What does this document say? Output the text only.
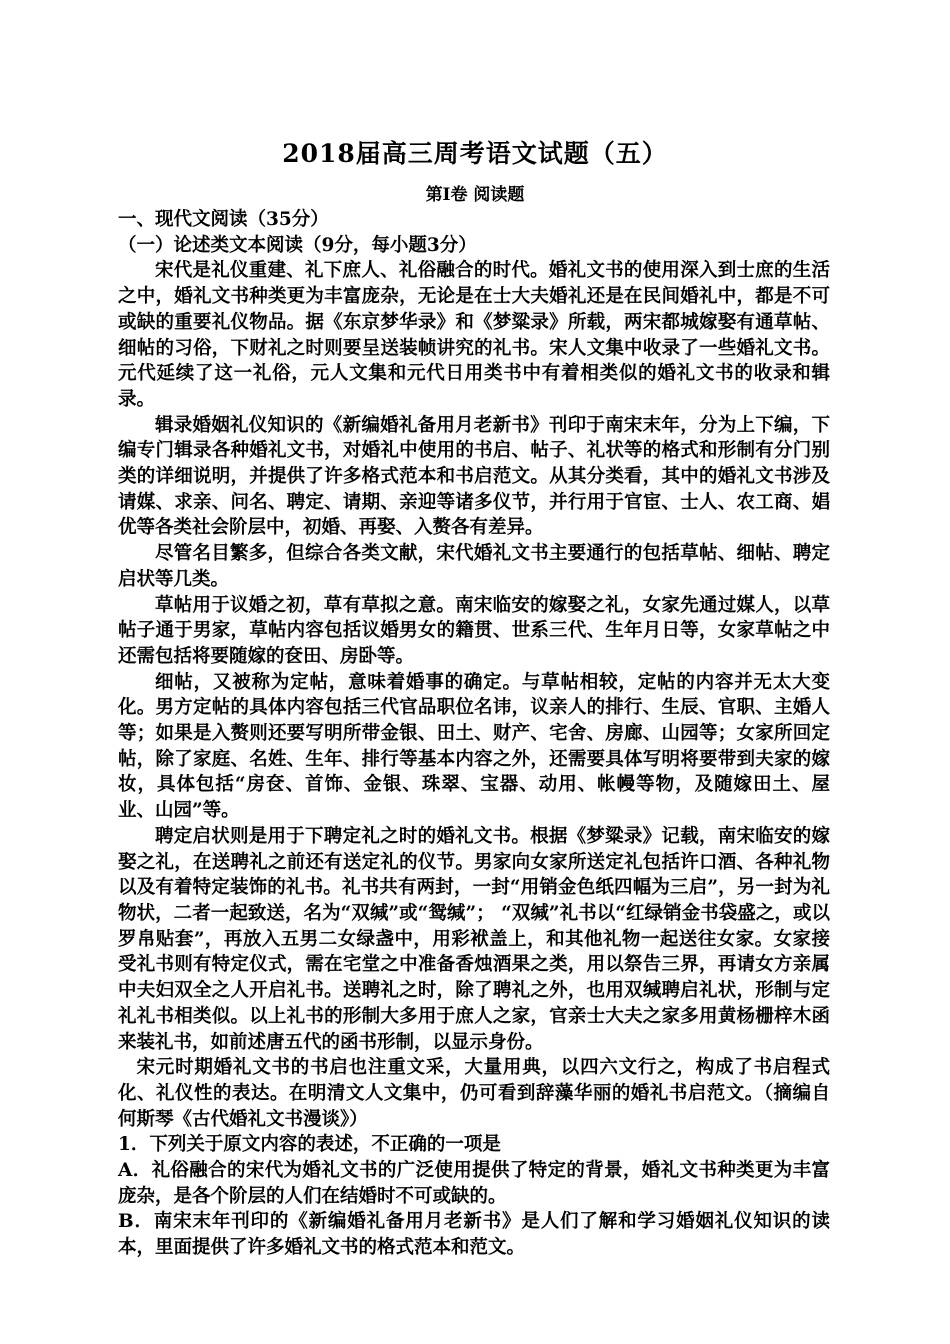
2018届高三周考语文试题（五）
第Ⅰ卷 阅读题

一、现代文阅读（35分）

（一）论述类文本阅读（9分，每小题3分）

宋代是礼仪重建、礼下庶人、礼俗融合的时代。婚礼文书的使用深入到士庶的生活之中，婚礼文书种类更为丰富庞杂，无论是在士大夫婚礼还是在民间婚礼中，都是不可或缺的重要礼仪物品。据《东京梦华录》和《梦粱录》所载，两宋都城嫁娶有通草帖、细帖的习俗，下财礼之时则要呈送装帧讲究的礼书。宋人文集中收录了一些婚礼文书。元代延续了这一礼俗，元人文集和元代日用类书中有着相类似的婚礼文书的收录和辑录。

辑录婚姻礼仪知识的《新编婚礼备用月老新书》刊印于南宋末年，分为上下编，下编专门辑录各种婚礼文书，对婚礼中使用的书启、帖子、礼状等的格式和形制有分门别类的详细说明，并提供了许多格式范本和书启范文。从其分类看，其中的婚礼文书涉及请媒、求亲、问名、聘定、请期、亲迎等诸多仪节，并行用于官宦、士人、农工商、娼优等各类社会阶层中，初婚、再娶、入赘各有差异。

尽管名目繁多，但综合各类文献，宋代婚礼文书主要通行的包括草帖、细帖、聘定启状等几类。

草帖用于议婚之初，草有草拟之意。南宋临安的嫁娶之礼，女家先通过媒人，以草帖子通于男家，草帖内容包括议婚男女的籍贯、世系三代、生年月日等，女家草帖之中还需包括将要随嫁的奁田、房卧等。

细帖，又被称为定帖，意味着婚事的确定。与草帖相较，定帖的内容并无太大变化。男方定帖的具体内容包括三代官品职位名讳，议亲人的排行、生辰、官职、主婚人等；如果是入赘则还要写明所带金银、田土、财产、宅舍、房廊、山园等；女家所回定帖，除了家庭、名姓、生年、排行等基本内容之外，还需要具体写明将要带到夫家的嫁妆，具体包括“房奁、首饰、金银、珠翠、宝器、动用、帐幔等物，及随嫁田土、屋业、山园”等。

聘定启状则是用于下聘定礼之时的婚礼文书。根据《梦粱录》记载，南宋临安的嫁娶之礼，在送聘礼之前还有送定礼的仪节。男家向女家所送定礼包括许口酒、各种礼物以及有着特定装饰的礼书。礼书共有两封，一封“用销金色纸四幅为三启”，另一封为礼物状，二者一起致送，名为“双缄”或“鸳缄”； “双缄”礼书以“红绿销金书袋盛之，或以罗帛贴套”，再放入五男二女绿盏中，用彩袱盖上，和其他礼物一起送往女家。女家接受礼书则有特定仪式，需在宅堂之中准备香烛酒果之类，用以祭告三界，再请女方亲属中夫妇双全之人开启礼书。送聘礼之时，除了聘礼之外，也用双缄聘启礼状，形制与定礼礼书相类似。以上礼书的形制大多用于庶人之家，官亲士大夫之家多用黄杨栅梓木函来装礼书，如前述唐五代的函书形制，以显示身份。

宋元时期婚礼文书的书启也注重文采，大量用典，以四六文行之，构成了书启程式化、礼仪性的表达。在明清文人文集中，仍可看到辞藻华丽的婚礼书启范文。（摘编自何斯琴《古代婚礼文书漫谈》）

1．下列关于原文内容的表述，不正确的一项是

A．礼俗融合的宋代为婚礼文书的广泛使用提供了特定的背景，婚礼文书种类更为丰富庞杂，是各个阶层的人们在结婚时不可或缺的。

B．南宋末年刊印的《新编婚礼备用月老新书》是人们了解和学习婚姻礼仪知识的读本，里面提供了许多婚礼文书的格式范本和范文。
